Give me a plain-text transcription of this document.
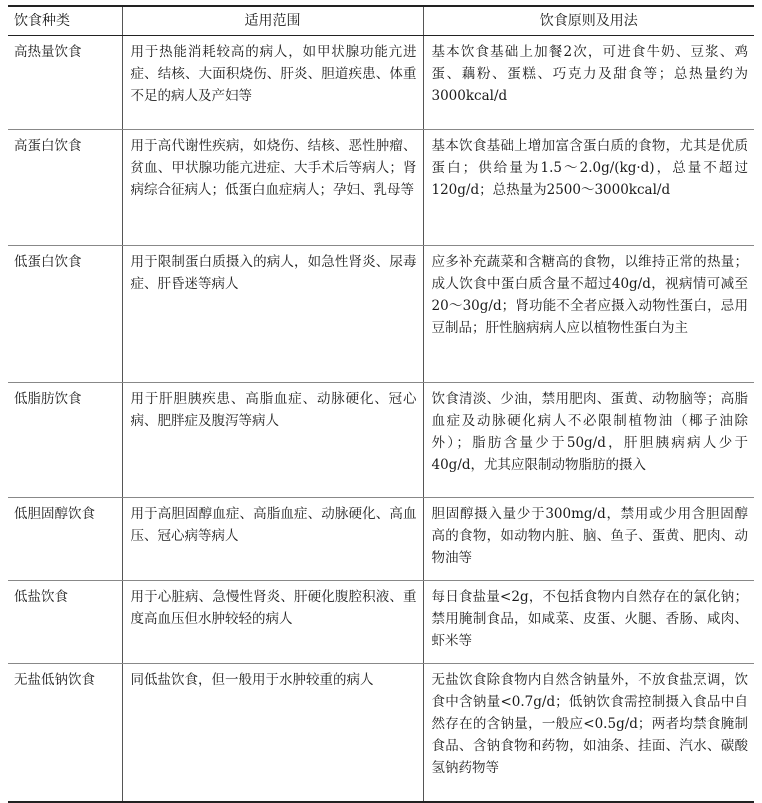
饮食种类	适用范围	饮食原则及用法
高热量饮食	用于热能消耗较高的病人，如甲状腺功能亢进症、结核、大面积烧伤、肝炎、胆道疾患、体重不足的病人及产妇等	基本饮食基础上加餐2次，可进食牛奶、豆浆、鸡蛋、藕粉、蛋糕、巧克力及甜食等；总热量约为3000kcal/d
高蛋白饮食	用于高代谢性疾病，如烧伤、结核、恶性肿瘤、贫血、甲状腺功能亢进症、大手术后等病人；肾病综合征病人；低蛋白血症病人；孕妇、乳母等	基本饮食基础上增加富含蛋白质的食物，尤其是优质蛋白；供给量为1.5～2.0g/(kg·d)，总量不超过120g/d；总热量为2500～3000kcal/d
低蛋白饮食	用于限制蛋白质摄入的病人，如急性肾炎、尿毒症、肝昏迷等病人	应多补充蔬菜和含糖高的食物，以维持正常的热量；成人饮食中蛋白质含量不超过40g/d，视病情可减至20～30g/d；肾功能不全者应摄入动物性蛋白，忌用豆制品；肝性脑病病人应以植物性蛋白为主
低脂肪饮食	用于肝胆胰疾患、高脂血症、动脉硬化、冠心病、肥胖症及腹泻等病人	饮食清淡、少油，禁用肥肉、蛋黄、动物脑等；高脂血症及动脉硬化病人不必限制植物油（椰子油除外）；脂肪含量少于50g/d，肝胆胰病病人少于40g/d，尤其应限制动物脂肪的摄入
低胆固醇饮食	用于高胆固醇血症、高脂血症、动脉硬化、高血压、冠心病等病人	胆固醇摄入量少于300mg/d，禁用或少用含胆固醇高的食物，如动物内脏、脑、鱼子、蛋黄、肥肉、动物油等
低盐饮食	用于心脏病、急慢性肾炎、肝硬化腹腔积液、重度高血压但水肿较轻的病人	每日食盐量<2g，不包括食物内自然存在的氯化钠；禁用腌制食品，如咸菜、皮蛋、火腿、香肠、咸肉、虾米等
无盐低钠饮食	同低盐饮食，但一般用于水肿较重的病人	无盐饮食除食物内自然含钠量外，不放食盐烹调，饮食中含钠量<0.7g/d；低钠饮食需控制摄入食品中自然存在的含钠量，一般应<0.5g/d；两者均禁食腌制食品、含钠食物和药物，如油条、挂面、汽水、碳酸氢钠药物等
